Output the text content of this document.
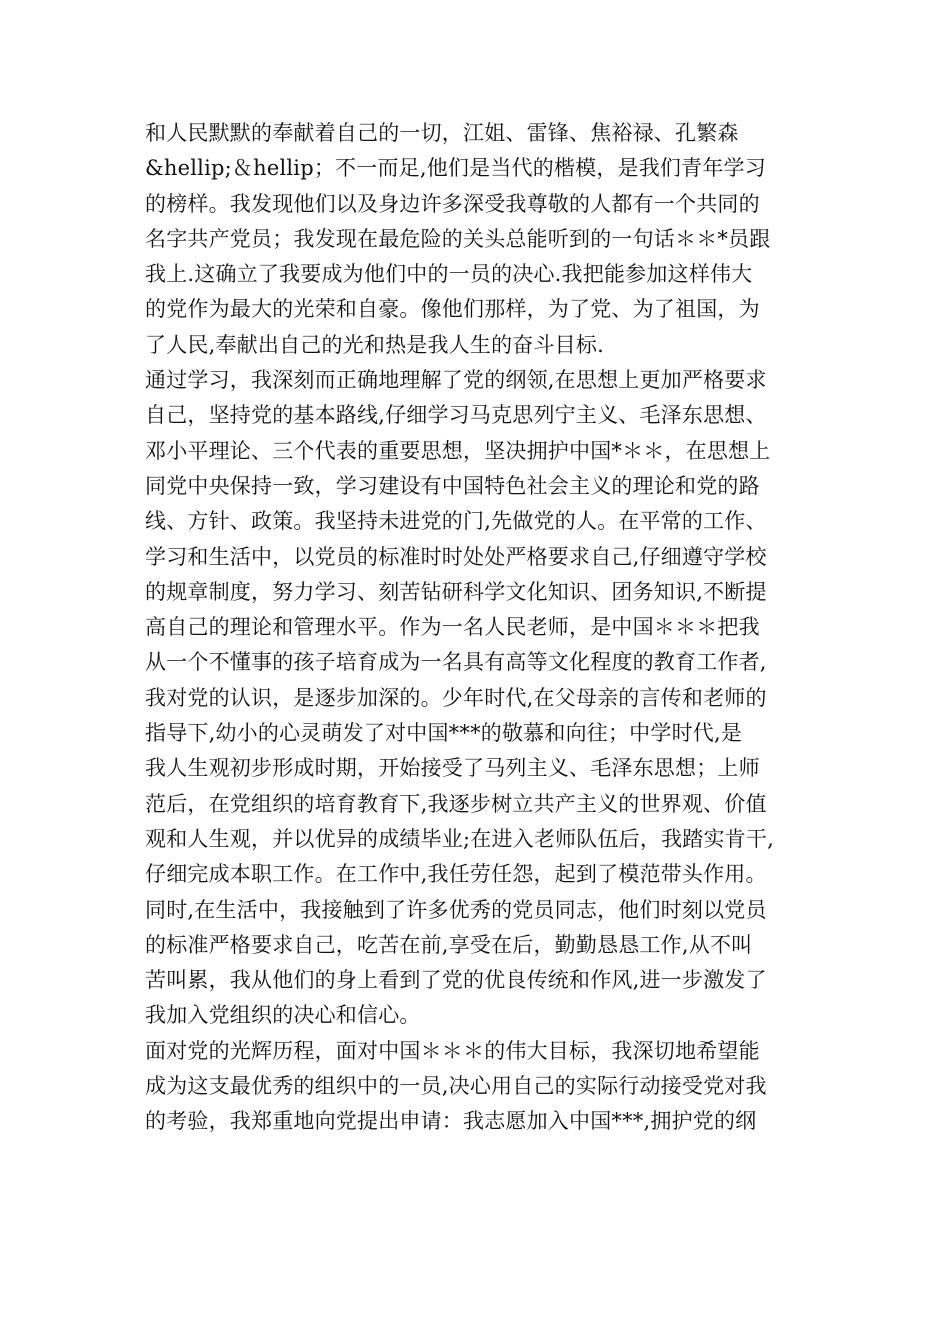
和人民默默的奉献着自己的一切，江姐、雷锋、焦裕禄、孔繁森
&hellip;＆hellip；不一而足,他们是当代的楷模，是我们青年学习
的榜样。我发现他们以及身边许多深受我尊敬的人都有一个共同的
名字共产党员；我发现在最危险的关头总能听到的一句话＊＊*员跟
我上.这确立了我要成为他们中的一员的决心.我把能参加这样伟大
的党作为最大的光荣和自豪。像他们那样，为了党、为了祖国，为
了人民,奉献出自己的光和热是我人生的奋斗目标.
通过学习，我深刻而正确地理解了党的纲领,在思想上更加严格要求
自己，坚持党的基本路线,仔细学习马克思列宁主义、毛泽东思想、
邓小平理论、三个代表的重要思想，坚决拥护中国*＊＊，在思想上
同党中央保持一致，学习建设有中国特色社会主义的理论和党的路
线、方针、政策。我坚持未进党的门,先做党的人。在平常的工作、
学习和生活中，以党员的标准时时处处严格要求自己,仔细遵守学校
的规章制度，努力学习、刻苦钻研科学文化知识、团务知识,不断提
高自己的理论和管理水平。作为一名人民老师，是中国＊＊＊把我
从一个不懂事的孩子培育成为一名具有高等文化程度的教育工作者,
我对党的认识，是逐步加深的。少年时代,在父母亲的言传和老师的
指导下,幼小的心灵萌发了对中国***的敬慕和向往；中学时代,是
我人生观初步形成时期，开始接受了马列主义、毛泽东思想；上师
范后，在党组织的培育教育下,我逐步树立共产主义的世界观、价值
观和人生观，并以优异的成绩毕业;在进入老师队伍后，我踏实肯干,
仔细完成本职工作。在工作中,我任劳任怨，起到了模范带头作用。
同时,在生活中，我接触到了许多优秀的党员同志，他们时刻以党员
的标准严格要求自己，吃苦在前,享受在后，勤勤恳恳工作,从不叫
苦叫累，我从他们的身上看到了党的优良传统和作风,进一步激发了
我加入党组织的决心和信心。
面对党的光辉历程，面对中国＊＊＊的伟大目标，我深切地希望能
成为这支最优秀的组织中的一员,决心用自己的实际行动接受党对我
的考验，我郑重地向党提出申请：我志愿加入中国***,拥护党的纲
